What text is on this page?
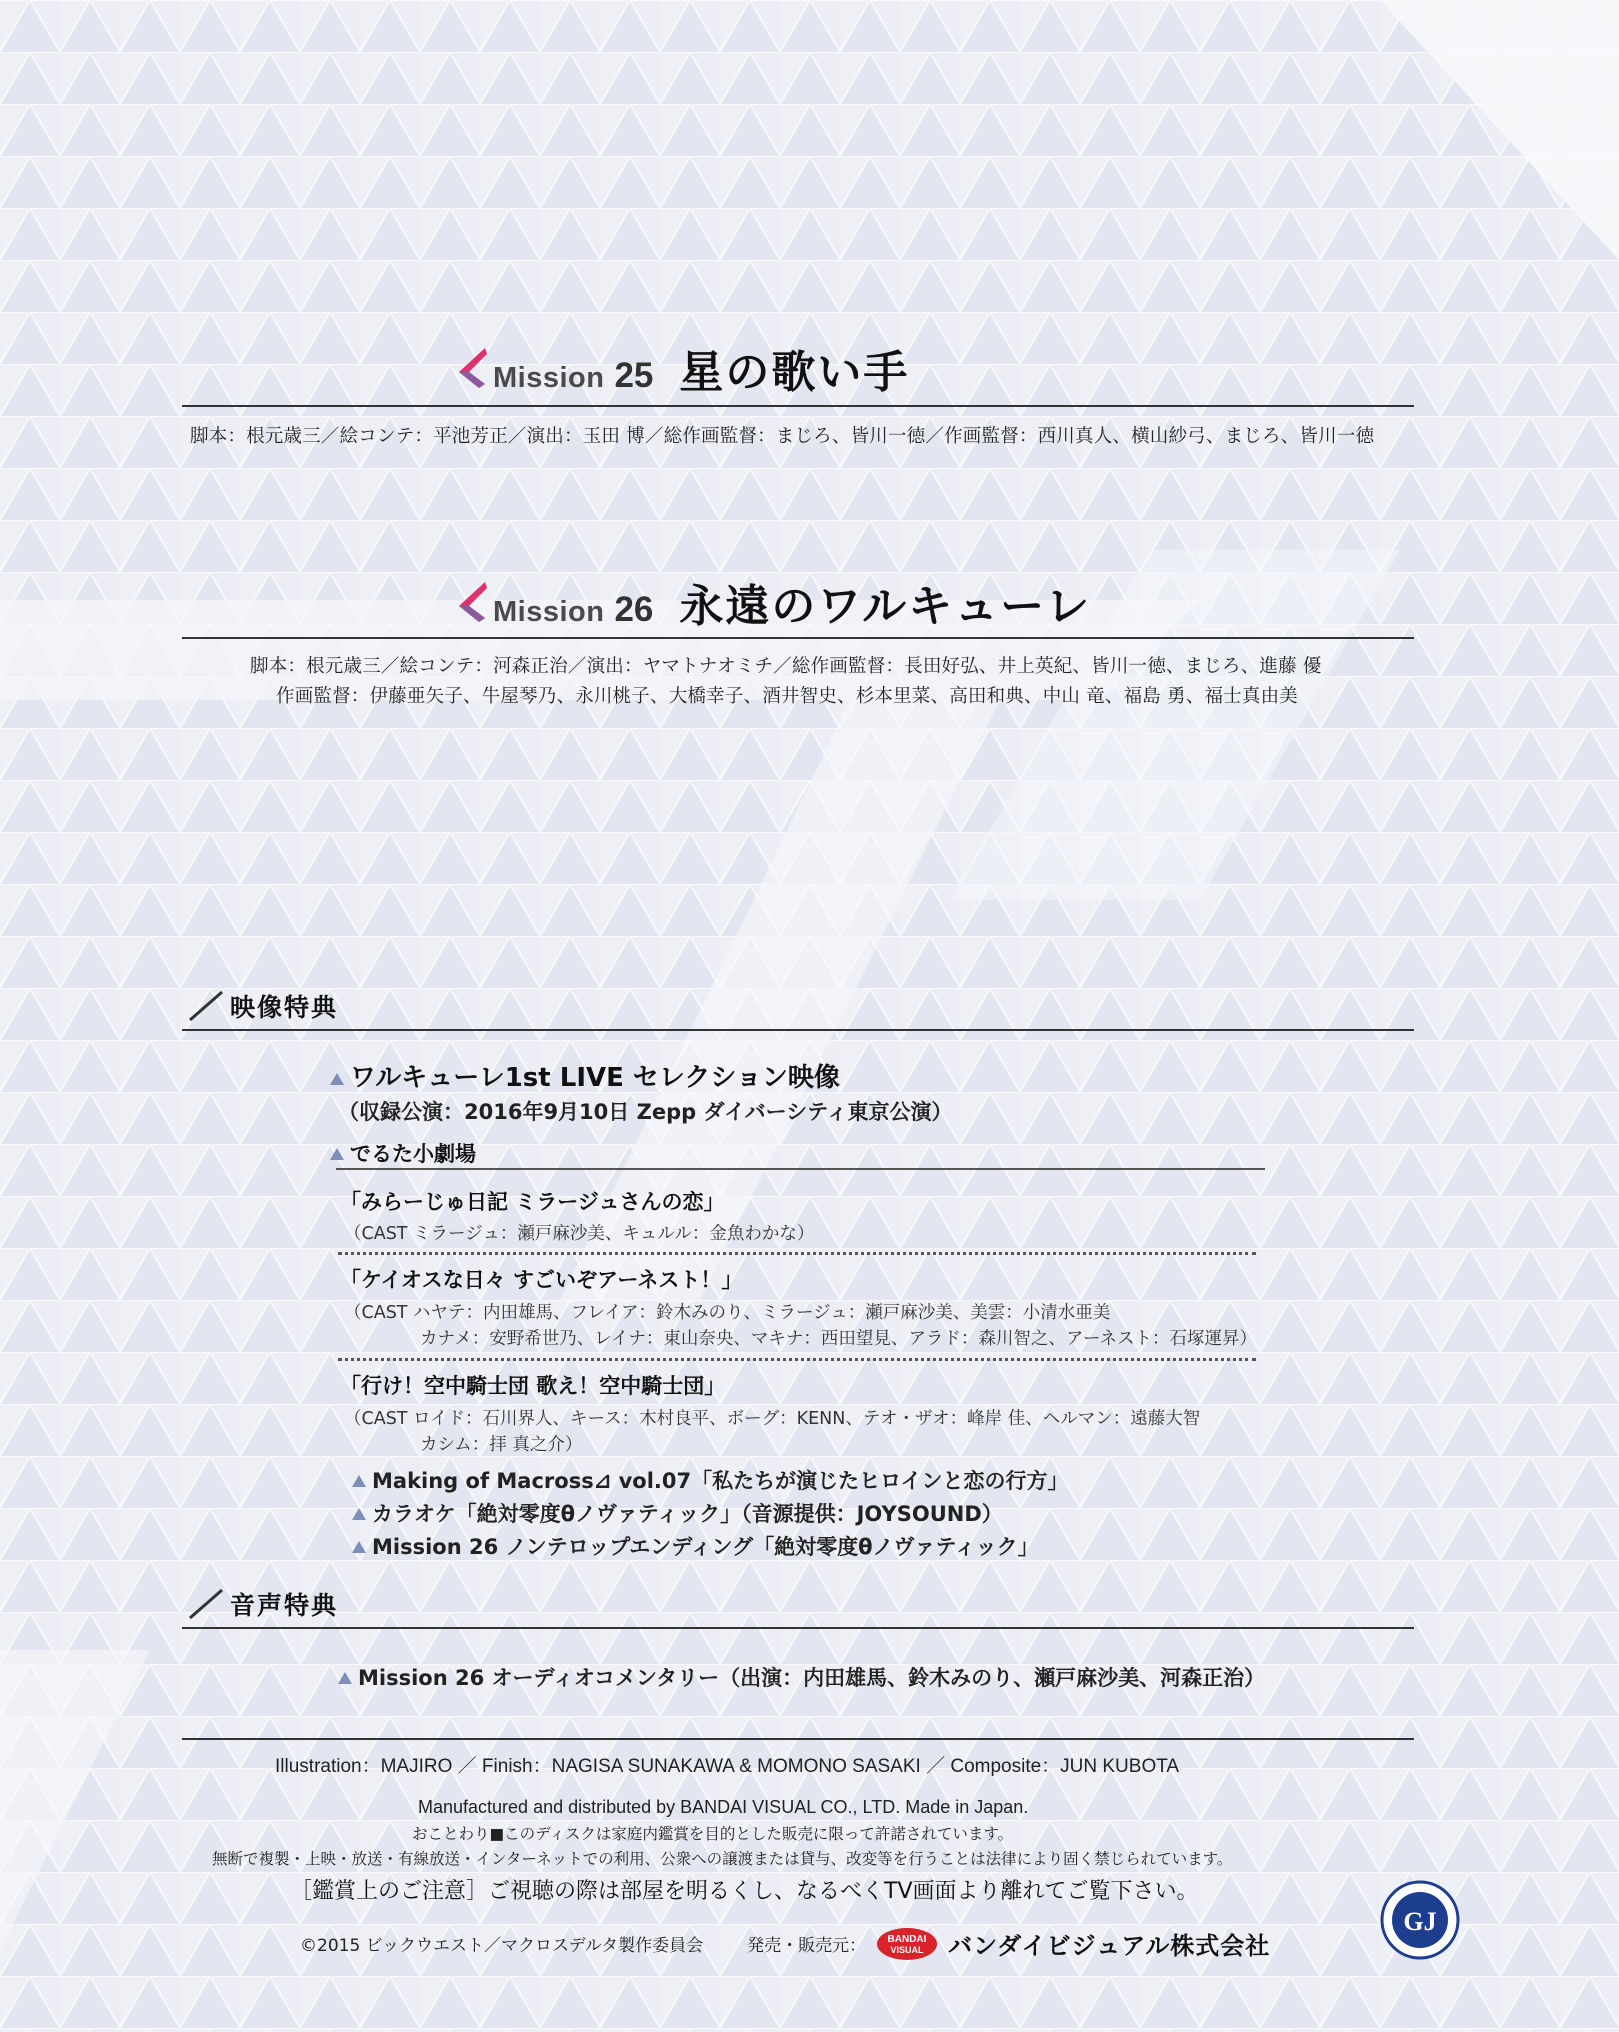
Mission 25 星の歌い手
脚本：根元歳三／絵コンテ：平池芳正／演出：玉田 博／総作画監督：まじろ、皆川一徳／作画監督：西川真人、横山紗弓、まじろ、皆川一徳
Mission 26 永遠のワルキューレ
脚本：根元歳三／絵コンテ：河森正治／演出：ヤマトナオミチ／総作画監督：長田好弘、井上英紀、皆川一徳、まじろ、進藤 優
作画監督：伊藤亜矢子、牛屋琴乃、永川桃子、大橋幸子、酒井智史、杉本里菜、高田和典、中山 竜、福島 勇、福士真由美
映像特典
ワルキューレ1st LIVE セレクション映像
（収録公演：2016年9月10日 Zepp ダイバーシティ東京公演）
でるた小劇場
「みらーじゅ日記 ミラージュさんの恋」
（CAST ミラージュ：瀬戸麻沙美、キュルル：金魚わかな）
「ケイオスな日々 すごいぞアーネスト！」
（CAST ハヤテ：内田雄馬、フレイア：鈴木みのり、ミラージュ：瀬戸麻沙美、美雲：小清水亜美
カナメ：安野希世乃、レイナ：東山奈央、マキナ：西田望見、アラド：森川智之、アーネスト：石塚運昇）
「行け！空中騎士団 歌え！空中騎士団」
（CAST ロイド：石川界人、キース：木村良平、ボーグ：KENN、テオ・ザオ：峰岸 佳、ヘルマン：遠藤大智
カシム：拝 真之介）
Making of Macross⊿ vol.07「私たちが演じたヒロインと恋の行方」
カラオケ「絶対零度θノヴァティック」（音源提供：JOYSOUND）
Mission 26 ノンテロップエンディング「絶対零度θノヴァティック」
音声特典
Mission 26 オーディオコメンタリー（出演：内田雄馬、鈴木みのり、瀬戸麻沙美、河森正治）
Illustration：MAJIRO ／ Finish：NAGISA SUNAKAWA & MOMONO SASAKI ／ Composite：JUN KUBOTA
Manufactured and distributed by BANDAI VISUAL CO., LTD. Made in Japan.
おことわり■このディスクは家庭内鑑賞を目的とした販売に限って許諾されています。
無断で複製・上映・放送・有線放送・インターネットでの利用、公衆への譲渡または貸与、改変等を行うことは法律により固く禁じられています。
［鑑賞上のご注意］ご視聴の際は部屋を明るくし、なるべくTV画面より離れてご覧下さい。
©2015 ビックウエスト／マクロスデルタ製作委員会	発売・販売元： BANDAI
VISUAL バンダイビジュアル株式会社
GJ
